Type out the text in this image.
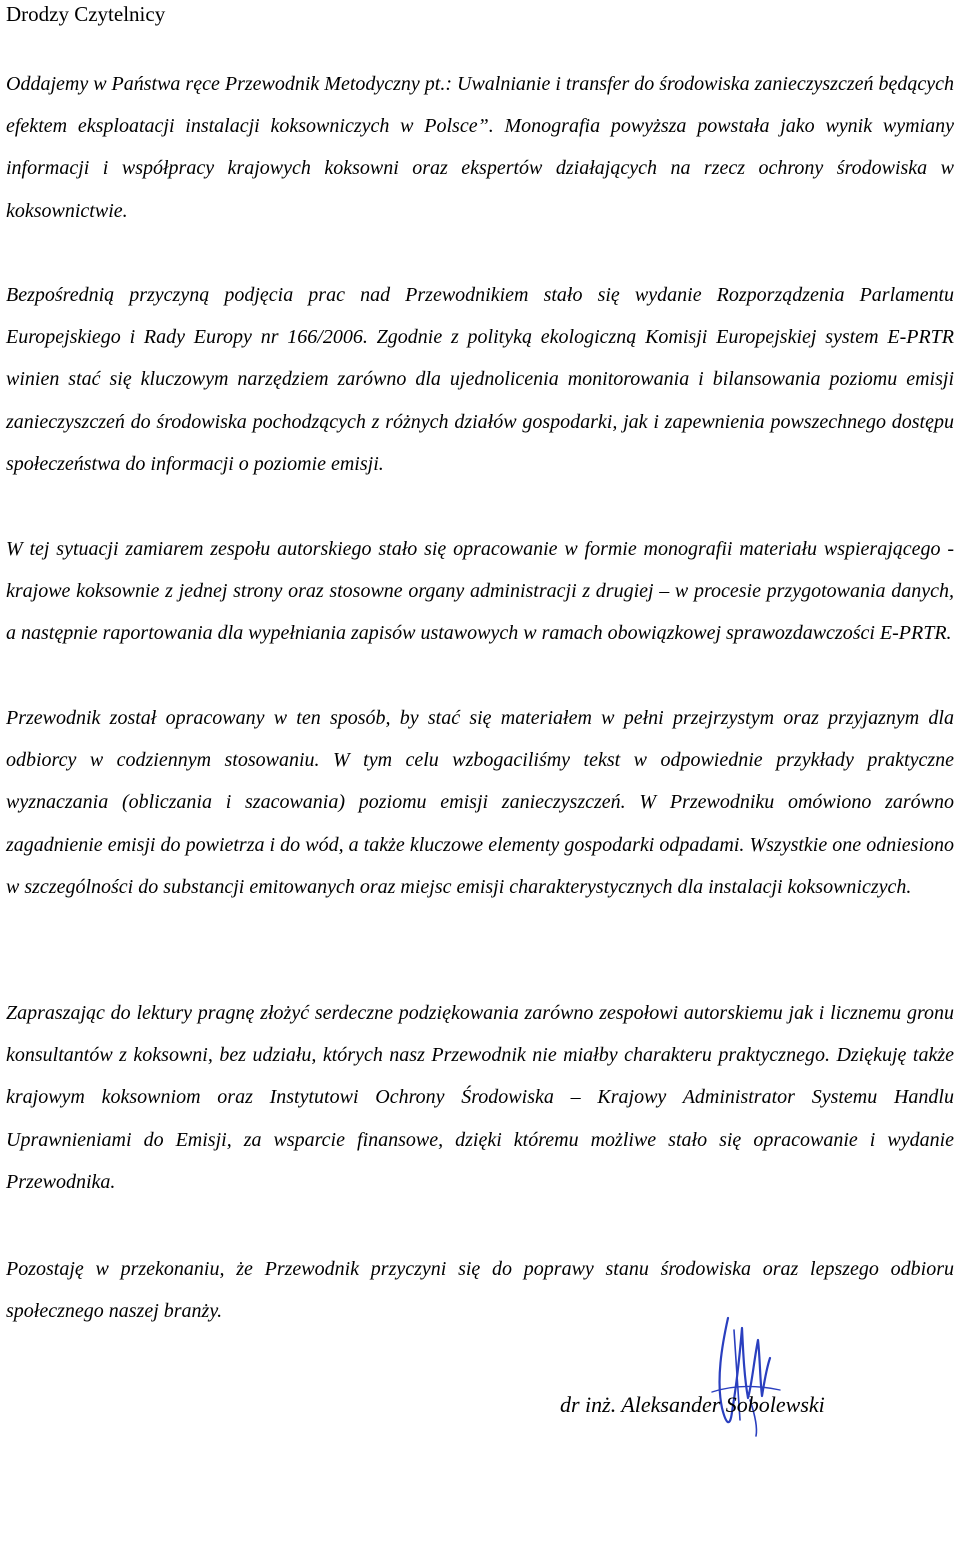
Drodzy Czytelnicy

Oddajemy w Państwa ręce Przewodnik Metodyczny pt.: Uwalnianie i transfer do środowiska zanieczyszczeń będących efektem eksploatacji instalacji koksowniczych w Polsce”. Monografia powyższa powstała jako wynik wymiany informacji i współpracy krajowych koksowni oraz ekspertów działających na rzecz ochrony środowiska w koksownictwie.

Bezpośrednią przyczyną podjęcia prac nad Przewodnikiem stało się wydanie Rozporządzenia Parlamentu Europejskiego i Rady Europy nr 166/2006. Zgodnie z polityką ekologiczną Komisji Europejskiej system E-PRTR winien stać się kluczowym narzędziem zarówno dla ujednolicenia monitorowania i bilansowania poziomu emisji zanieczyszczeń do środowiska pochodzących z różnych działów gospodarki, jak i zapewnienia powszechnego dostępu społeczeństwa do informacji o poziomie emisji.

W tej sytuacji zamiarem zespołu autorskiego stało się opracowanie w formie monografii materiału wspierającego - krajowe koksownie z jednej strony oraz stosowne organy administracji z drugiej – w procesie przygotowania danych, a następnie raportowania dla wypełniania zapisów ustawowych w ramach obowiązkowej sprawozdawczości E-PRTR.

Przewodnik został opracowany w ten sposób, by stać się materiałem w pełni przejrzystym oraz przyjaznym dla odbiorcy w codziennym stosowaniu. W tym celu wzbogaciliśmy tekst w odpowiednie przykłady praktyczne wyznaczania (obliczania i szacowania) poziomu emisji zanieczyszczeń. W Przewodniku omówiono zarówno zagadnienie emisji do powietrza i do wód, a także kluczowe elementy gospodarki odpadami. Wszystkie one odniesiono w szczególności do substancji emitowanych oraz miejsc emisji charakterystycznych dla instalacji koksowniczych.

Zapraszając do lektury pragnę złożyć serdeczne podziękowania zarówno zespołowi autorskiemu jak i licznemu gronu konsultantów z koksowni, bez udziału, których nasz Przewodnik nie miałby charakteru praktycznego. Dziękuję także krajowym koksowniom oraz Instytutowi Ochrony Środowiska – Krajowy Administrator Systemu Handlu Uprawnieniami do Emisji, za wsparcie finansowe, dzięki któremu możliwe stało się opracowanie i wydanie Przewodnika.

Pozostaję w przekonaniu, że Przewodnik przyczyni się do poprawy stanu środowiska oraz lepszego odbioru społecznego naszej branży.

dr inż. Aleksander Sobolewski
